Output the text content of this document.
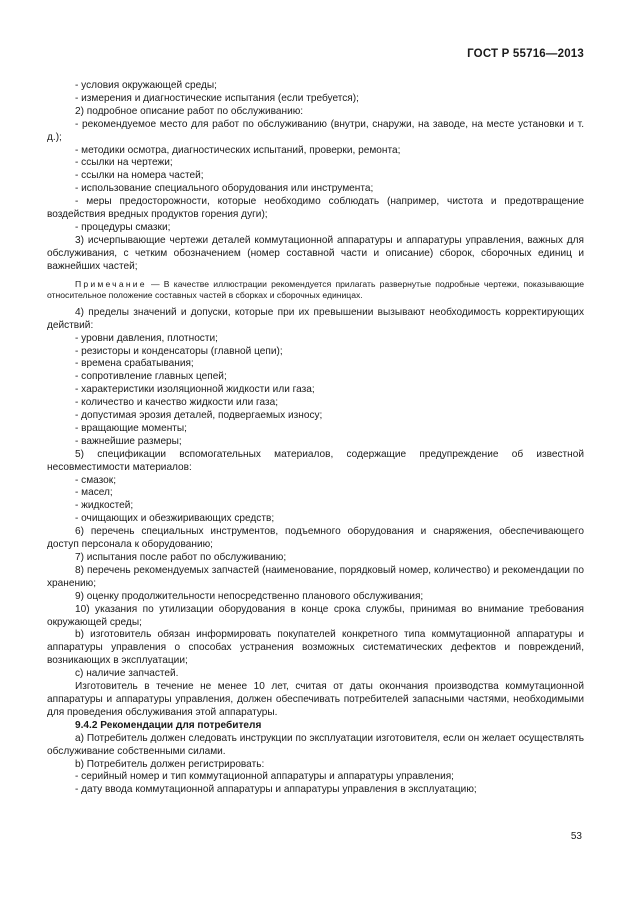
ГОСТ Р 55716—2013

- условия окружающей среды;

- измерения и диагностические испытания (если требуется);

2) подробное описание работ по обслуживанию:

- рекомендуемое место для работ по обслуживанию (внутри, снаружи, на заводе, на месте установки и т. д.);

- методики осмотра, диагностических испытаний, проверки, ремонта;

- ссылки на чертежи;

- ссылки на номера частей;

- использование специального оборудования или инструмента;

- меры предосторожности, которые необходимо соблюдать (например, чистота и предотвращение воздействия вредных продуктов горения дуги);

- процедуры смазки;

3) исчерпывающие чертежи деталей коммутационной аппаратуры и аппаратуры управления, важных для обслуживания, с четким обозначением (номер составной части и описание) сборок, сборочных единиц и важнейших частей;

Примечание — В качестве иллюстрации рекомендуется прилагать развернутые подробные чертежи, показывающие относительное положение составных частей в сборках и сборочных единицах.

4) пределы значений и допуски, которые при их превышении вызывают необходимость корректирующих действий:

- уровни давления, плотности;

- резисторы и конденсаторы (главной цепи);

- времена срабатывания;

- сопротивление главных цепей;

- характеристики изоляционной жидкости или газа;

- количество и качество жидкости или газа;

- допустимая эрозия деталей, подвергаемых износу;

- вращающие моменты;

- важнейшие размеры;

5) спецификации вспомогательных материалов, содержащие предупреждение об известной несовместимости материалов:

- смазок;

- масел;

- жидкостей;

- очищающих и обезжиривающих средств;

6) перечень специальных инструментов, подъемного оборудования и снаряжения, обеспечивающего доступ персонала к оборудованию;

7) испытания после работ по обслуживанию;

8) перечень рекомендуемых запчастей (наименование, порядковый номер, количество) и рекомендации по хранению;

9) оценку продолжительности непосредственно планового обслуживания;

10) указания по утилизации оборудования в конце срока службы, принимая во внимание требования окружающей среды;

b) изготовитель обязан информировать покупателей конкретного типа коммутационной аппаратуры и аппаратуры управления о способах устранения возможных систематических дефектов и повреждений, возникающих в эксплуатации;

c) наличие запчастей.

Изготовитель в течение не менее 10 лет, считая от даты окончания производства коммутационной аппаратуры и аппаратуры управления, должен обеспечивать потребителей запасными частями, необходимыми для проведения обслуживания этой аппаратуры.

9.4.2 Рекомендации для потребителя

a) Потребитель должен следовать инструкции по эксплуатации изготовителя, если он желает осуществлять обслуживание собственными силами.

b) Потребитель должен регистрировать:

- серийный номер и тип коммутационной аппаратуры и аппаратуры управления;

- дату ввода коммутационной аппаратуры и аппаратуры управления в эксплуатацию;

53
